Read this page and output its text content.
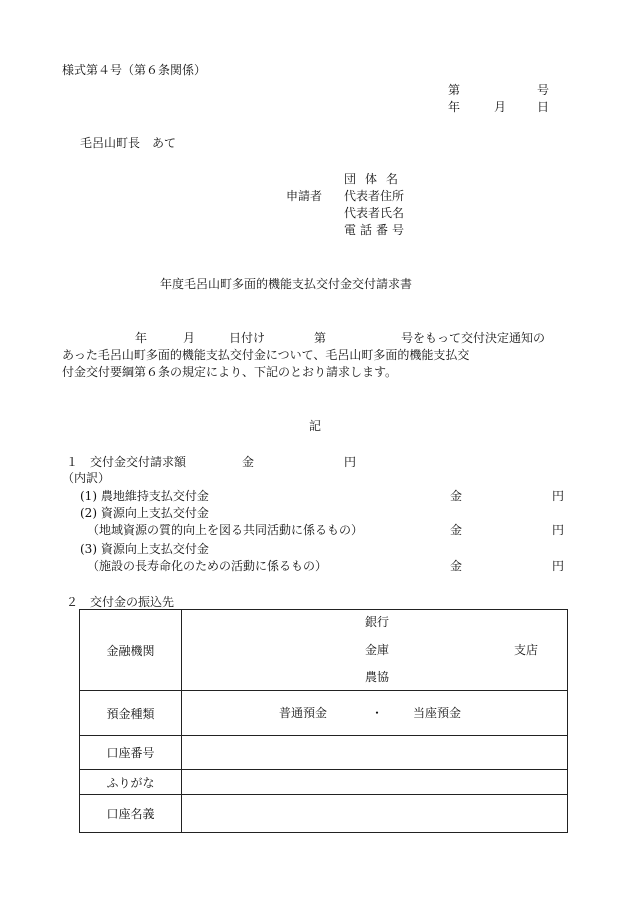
様式第４号（第６条関係）
第	号
年	月	日
毛呂山町長　あて
申請者
団体名
代表者住所
代表者氏名
電話番号
年度毛呂山町多面的機能支払交付金交付請求書
年	月	日付け	第	号をもって交付決定通知の
あった毛呂山町多面的機能支払交付金について、毛呂山町多面的機能支払交
付金交付要綱第６条の規定により、下記のとおり請求します。
記
１　交付金交付請求額	金	円
（内訳）
(1) 農地維持支払交付金	金	円
(2) 資源向上支払交付金
（地域資源の質的向上を図る共同活動に係るもの）	金	円
(3) 資源向上支払交付金
（施設の長寿命化のための活動に係るもの）	金	円
２　交付金の振込先
金融機関	銀行
金庫 支店
農協

預金種類	普通預金 ・ 当座預金

口座番号	
ふりがな	
口座名義	
